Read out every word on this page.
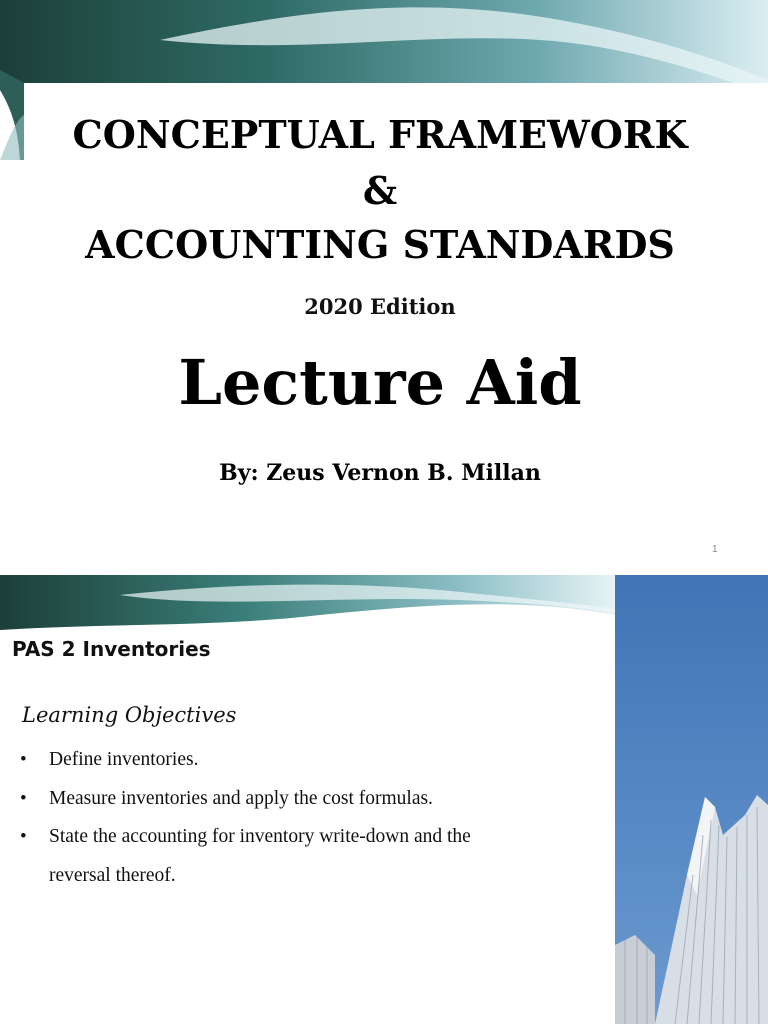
CONCEPTUAL FRAMEWORK
&
ACCOUNTING STANDARDS
2020 Edition
Lecture Aid
By: Zeus Vernon B. Millan
1
PAS 2 Inventories
Learning Objectives
• Define inventories.
• Measure inventories and apply the cost formulas.
• State the accounting for inventory write-down and the reversal thereof.
